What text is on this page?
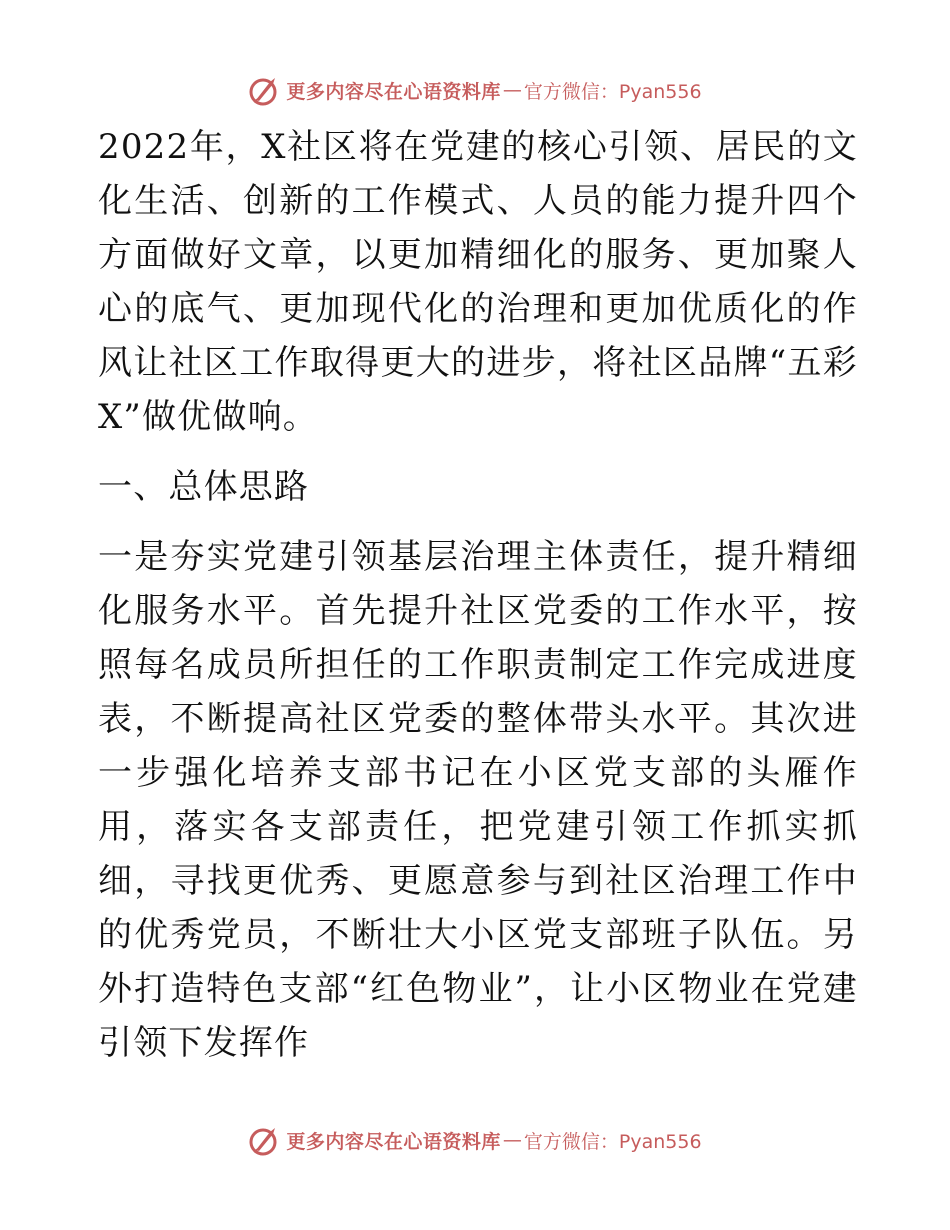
更多内容尽在心语资料库 — 官方微信：Pyan556

2022年，X社区将在党建的核心引领、居民的文化生活、创新的工作模式、人员的能力提升四个方面做好文章，以更加精细化的服务、更加聚人心的底气、更加现代化的治理和更加优质化的作风让社区工作取得更大的进步，将社区品牌“五彩X”做优做响。

一、总体思路

一是夯实党建引领基层治理主体责任，提升精细化服务水平。首先提升社区党委的工作水平，按照每名成员所担任的工作职责制定工作完成进度表，不断提高社区党委的整体带头水平。其次进一步强化培养支部书记在小区党支部的头雁作用，落实各支部责任，把党建引领工作抓实抓细，寻找更优秀、更愿意参与到社区治理工作中的优秀党员，不断壮大小区党支部班子队伍。另外打造特色支部“红色物业”，让小区物业在党建引领下发挥作

更多内容尽在心语资料库 — 官方微信：Pyan556
